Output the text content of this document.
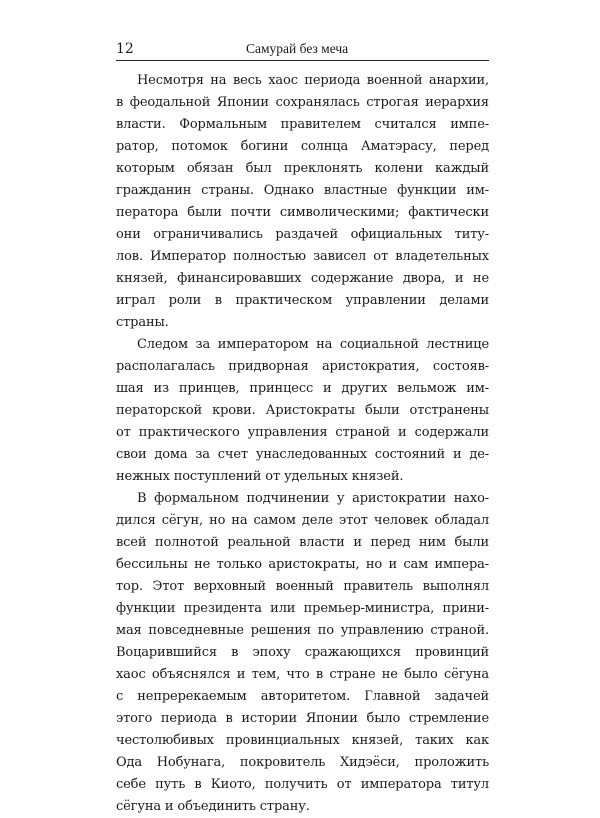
12	Самурай без меча

Несмотря на весь хаос периода военной анархии,
в феодальной Японии сохранялась строгая иерархия
власти. Формальным правителем считался импе-
ратор, потомок богини солнца Аматэрасу, перед
которым обязан был преклонять колени каждый
гражданин страны. Однако властные функции им-
ператора были почти символическими; фактически
они ограничивались раздачей официальных титу-
лов. Император полностью зависел от владетельных
князей, финансировавших содержание двора, и не
играл роли в практическом управлении делами
страны.

Следом за императором на социальной лестнице
располагалась придворная аристократия, состояв-
шая из принцев, принцесс и других вельмож им-
ператорской крови. Аристократы были отстранены
от практического управления страной и содержали
свои дома за счет унаследованных состояний и де-
нежных поступлений от удельных князей.

В формальном подчинении у аристократии нахо-
дился сёгун, но на самом деле этот человек обладал
всей полнотой реальной власти и перед ним были
бессильны не только аристократы, но и сам импера-
тор. Этот верховный военный правитель выполнял
функции президента или премьер-министра, прини-
мая повседневные решения по управлению страной.
Воцарившийся в эпоху сражающихся провинций
хаос объяснялся и тем, что в стране не было сёгуна
с непререкаемым авторитетом. Главной задачей
этого периода в истории Японии было стремление
честолюбивых провинциальных князей, таких как
Ода Нобунага, покровитель Хидэёси, проложить
себе путь в Киото, получить от императора титул
сёгуна и объединить страну.
